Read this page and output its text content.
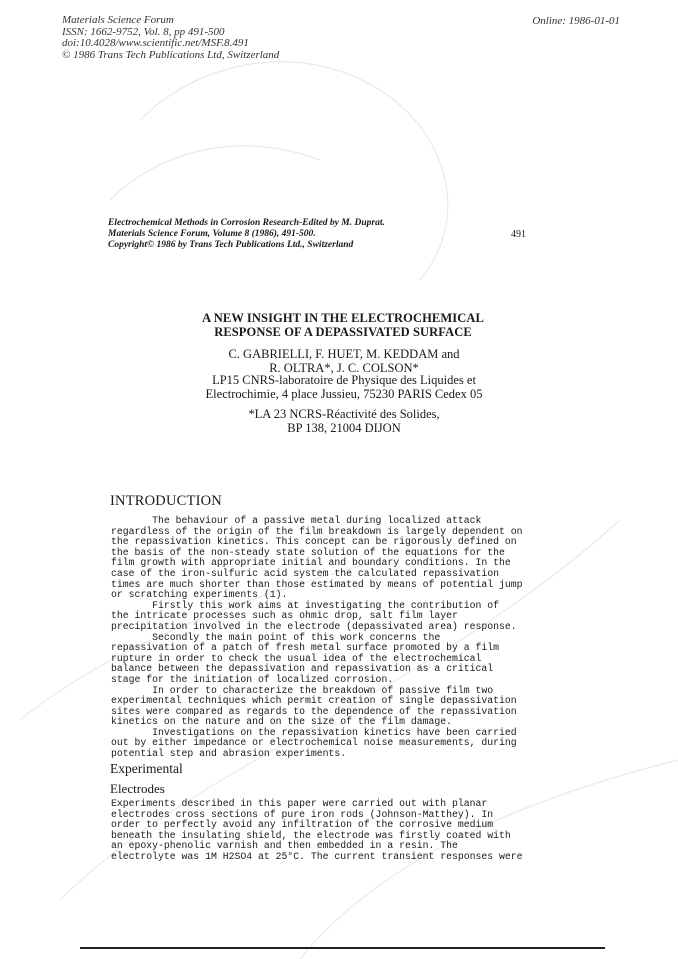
Materials Science Forum
ISSN: 1662-9752, Vol. 8, pp 491-500
doi:10.4028/www.scientific.net/MSF.8.491
© 1986 Trans Tech Publications Ltd, Switzerland
Online: 1986-01-01
Electrochemical Methods in Corrosion Research-Edited by M. Duprat.
Materials Science Forum, Volume 8 (1986), 491-500.
Copyright© 1986 by Trans Tech Publications Ltd., Switzerland
491
A NEW INSIGHT IN THE ELECTROCHEMICAL
RESPONSE OF A DEPASSIVATED SURFACE
C. GABRIELLI, F. HUET, M. KEDDAM and
R. OLTRA*, J. C. COLSON*
LP15 CNRS-laboratoire de Physique des Liquides et
Electrochimie, 4 place Jussieu, 75230 PARIS Cedex 05
*LA 23 NCRS-Réactivité des Solides,
BP 138, 21004 DIJON
INTRODUCTION
The behaviour of a passive metal during localized attack
regardless of the origin of the film breakdown is largely dependent on
the repassivation kinetics. This concept can be rigorously defined on
the basis of the non-steady state solution of the equations for the
film growth with appropriate initial and boundary conditions. In the
case of the iron-sulfuric acid system the calculated repassivation
times are much shorter than those estimated by means of potential jump
or scratching experiments (1).
Firstly this work aims at investigating the contribution of
the intricate processes such as ohmic drop, salt film layer
precipitation involved in the electrode (depassivated area) response.
Secondly the main point of this work concerns the
repassivation of a patch of fresh metal surface promoted by a film
rupture in order to check the usual idea of the electrochemical
balance between the depassivation and repassivation as a critical
stage for the initiation of localized corrosion.
In order to characterize the breakdown of passive film two
experimental techniques which permit creation of single depassivation
sites were compared as regards to the dependence of the repassivation
kinetics on the nature and on the size of the film damage.
Investigations on the repassivation kinetics have been carried
out by either impedance or electrochemical noise measurements, during
potential step and abrasion experiments.
Experimental
Electrodes
Experiments described in this paper were carried out with planar
electrodes cross sections of pure iron rods (Johnson-Matthey). In
order to perfectly avoid any infiltration of the corrosive medium
beneath the insulating shield, the electrode was firstly coated with
an epoxy-phenolic varnish and then embedded in a resin. The
electrolyte was 1M H2SO4 at 25°C. The current transient responses were
